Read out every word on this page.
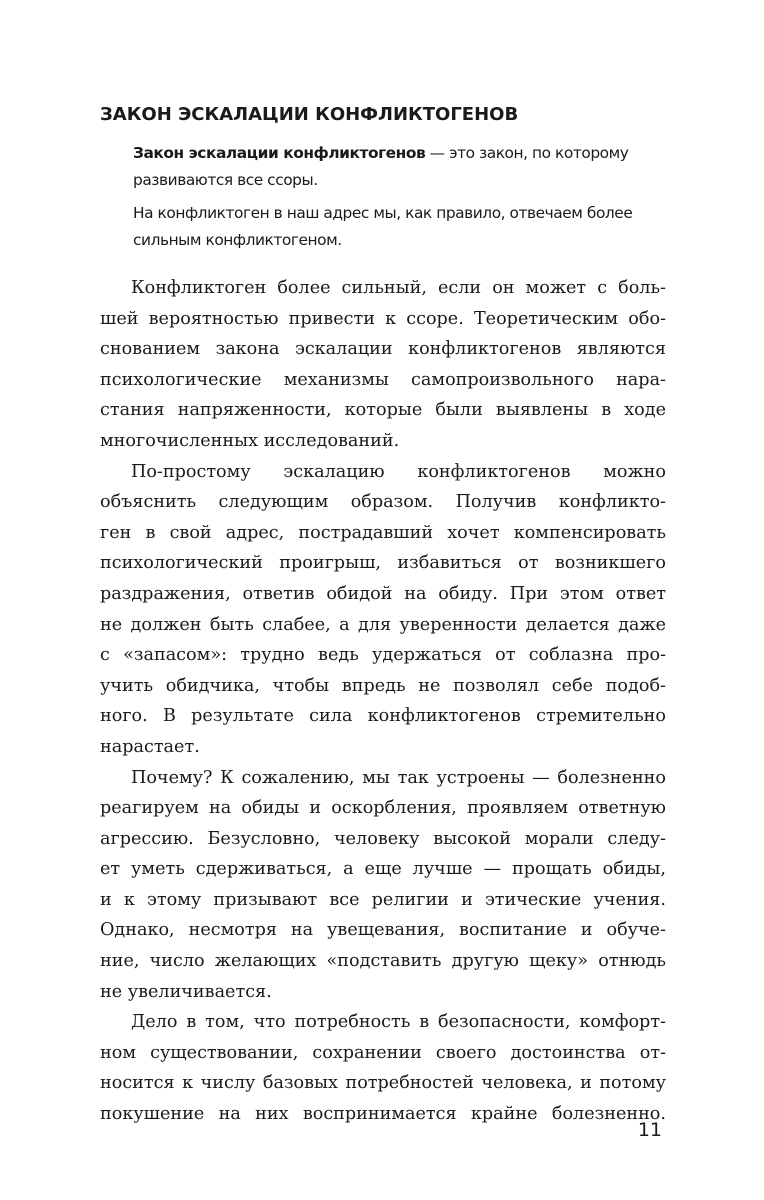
ЗАКОН ЭСКАЛАЦИИ КОНФЛИКТОГЕНОВ

Закон эскалации конфликтогенов — это закон, по которому
развиваются все ссоры.

На конфликтоген в наш адрес мы, как правило, отвечаем более
сильным конфликтогеном.

Конфликтоген более сильный, если он может с боль-
шей вероятностью привести к ссоре. Теоретическим обо-
снованием закона эскалации конфликтогенов являются
психологические механизмы самопроизвольного нара-
стания напряженности, которые были выявлены в ходе
многочисленных исследований.
По-простому эскалацию конфликтогенов можно
объяснить следующим образом. Получив конфликто-
ген в свой адрес, пострадавший хочет компенсировать
психологический проигрыш, избавиться от возникшего
раздражения, ответив обидой на обиду. При этом ответ
не должен быть слабее, а для уверенности делается даже
с «запасом»: трудно ведь удержаться от соблазна про-
учить обидчика, чтобы впредь не позволял себе подоб-
ного. В результате сила конфликтогенов стремительно
нарастает.
Почему? К сожалению, мы так устроены — болезненно
реагируем на обиды и оскорбления, проявляем ответную
агрессию. Безусловно, человеку высокой морали следу-
ет уметь сдерживаться, а еще лучше — прощать обиды,
и к этому призывают все религии и этические учения.
Однако, несмотря на увещевания, воспитание и обуче-
ние, число желающих «подставить другую щеку» отнюдь
не увеличивается.
Дело в том, что потребность в безопасности, комфорт-
ном существовании, сохранении своего достоинства от-
носится к числу базовых потребностей человека, и потому
покушение на них воспринимается крайне болезненно.
11
